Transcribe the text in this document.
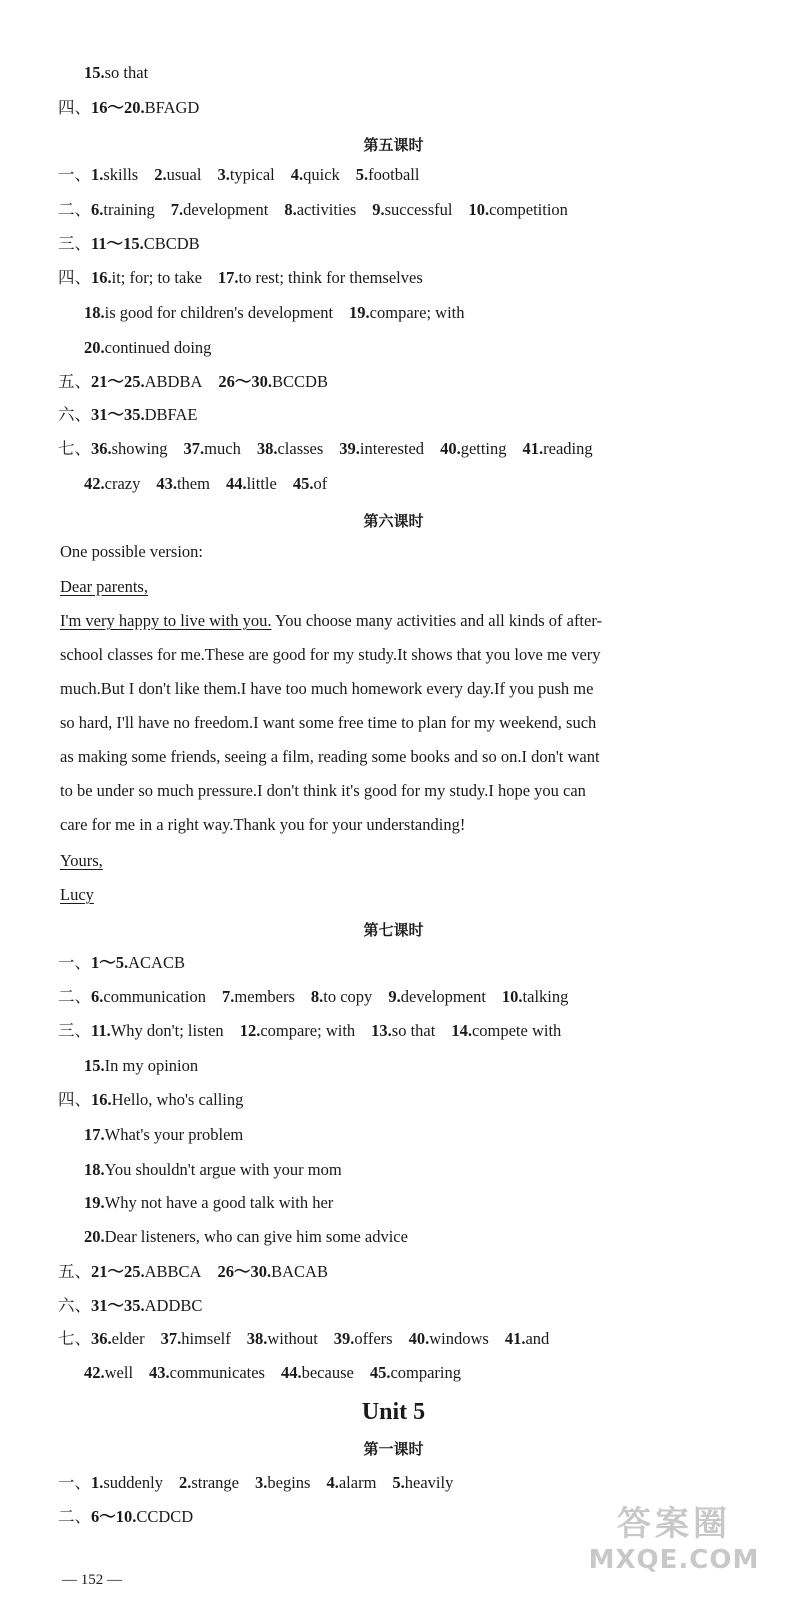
15.so that
四、16～20.BFAGD
第五课时
一、1.skills 2.usual 3.typical 4.quick 5.football
二、6.training 7.development 8.activities 9.successful 10.competition
三、11～15.CBCDB
四、16.it; for; to take 17.to rest; think for themselves
18.is good for children's development 19.compare; with
20.continued doing
五、21～25.ABDBA 26～30.BCCDB
六、31～35.DBFAE
七、36.showing 37.much 38.classes 39.interested 40.getting 41.reading
42.crazy 43.them 44.little 45.of
第六课时
One possible version:
Dear parents,
I'm very happy to live with you. You choose many activities and all kinds of after-
school classes for me.These are good for my study.It shows that you love me very
much.But I don't like them.I have too much homework every day.If you push me
so hard, I'll have no freedom.I want some free time to plan for my weekend, such
as making some friends, seeing a film, reading some books and so on.I don't want
to be under so much pressure.I don't think it's good for my study.I hope you can
care for me in a right way.Thank you for your understanding!
Yours,
Lucy
第七课时
一、1～5.ACACB
二、6.communication 7.members 8.to copy 9.development 10.talking
三、11.Why don't; listen 12.compare; with 13.so that 14.compete with
15.In my opinion
四、16.Hello, who's calling
17.What's your problem
18.You shouldn't argue with your mom
19.Why not have a good talk with her
20.Dear listeners, who can give him some advice
五、21～25.ABBCA 26～30.BACAB
六、31～35.ADDBC
七、36.elder 37.himself 38.without 39.offers 40.windows 41.and
42.well 43.communicates 44.because 45.comparing
Unit 5
第一课时
一、1.suddenly 2.strange 3.begins 4.alarm 5.heavily
二、6～10.CCDCD
— 152 —
答案圈
MXQE.COM
